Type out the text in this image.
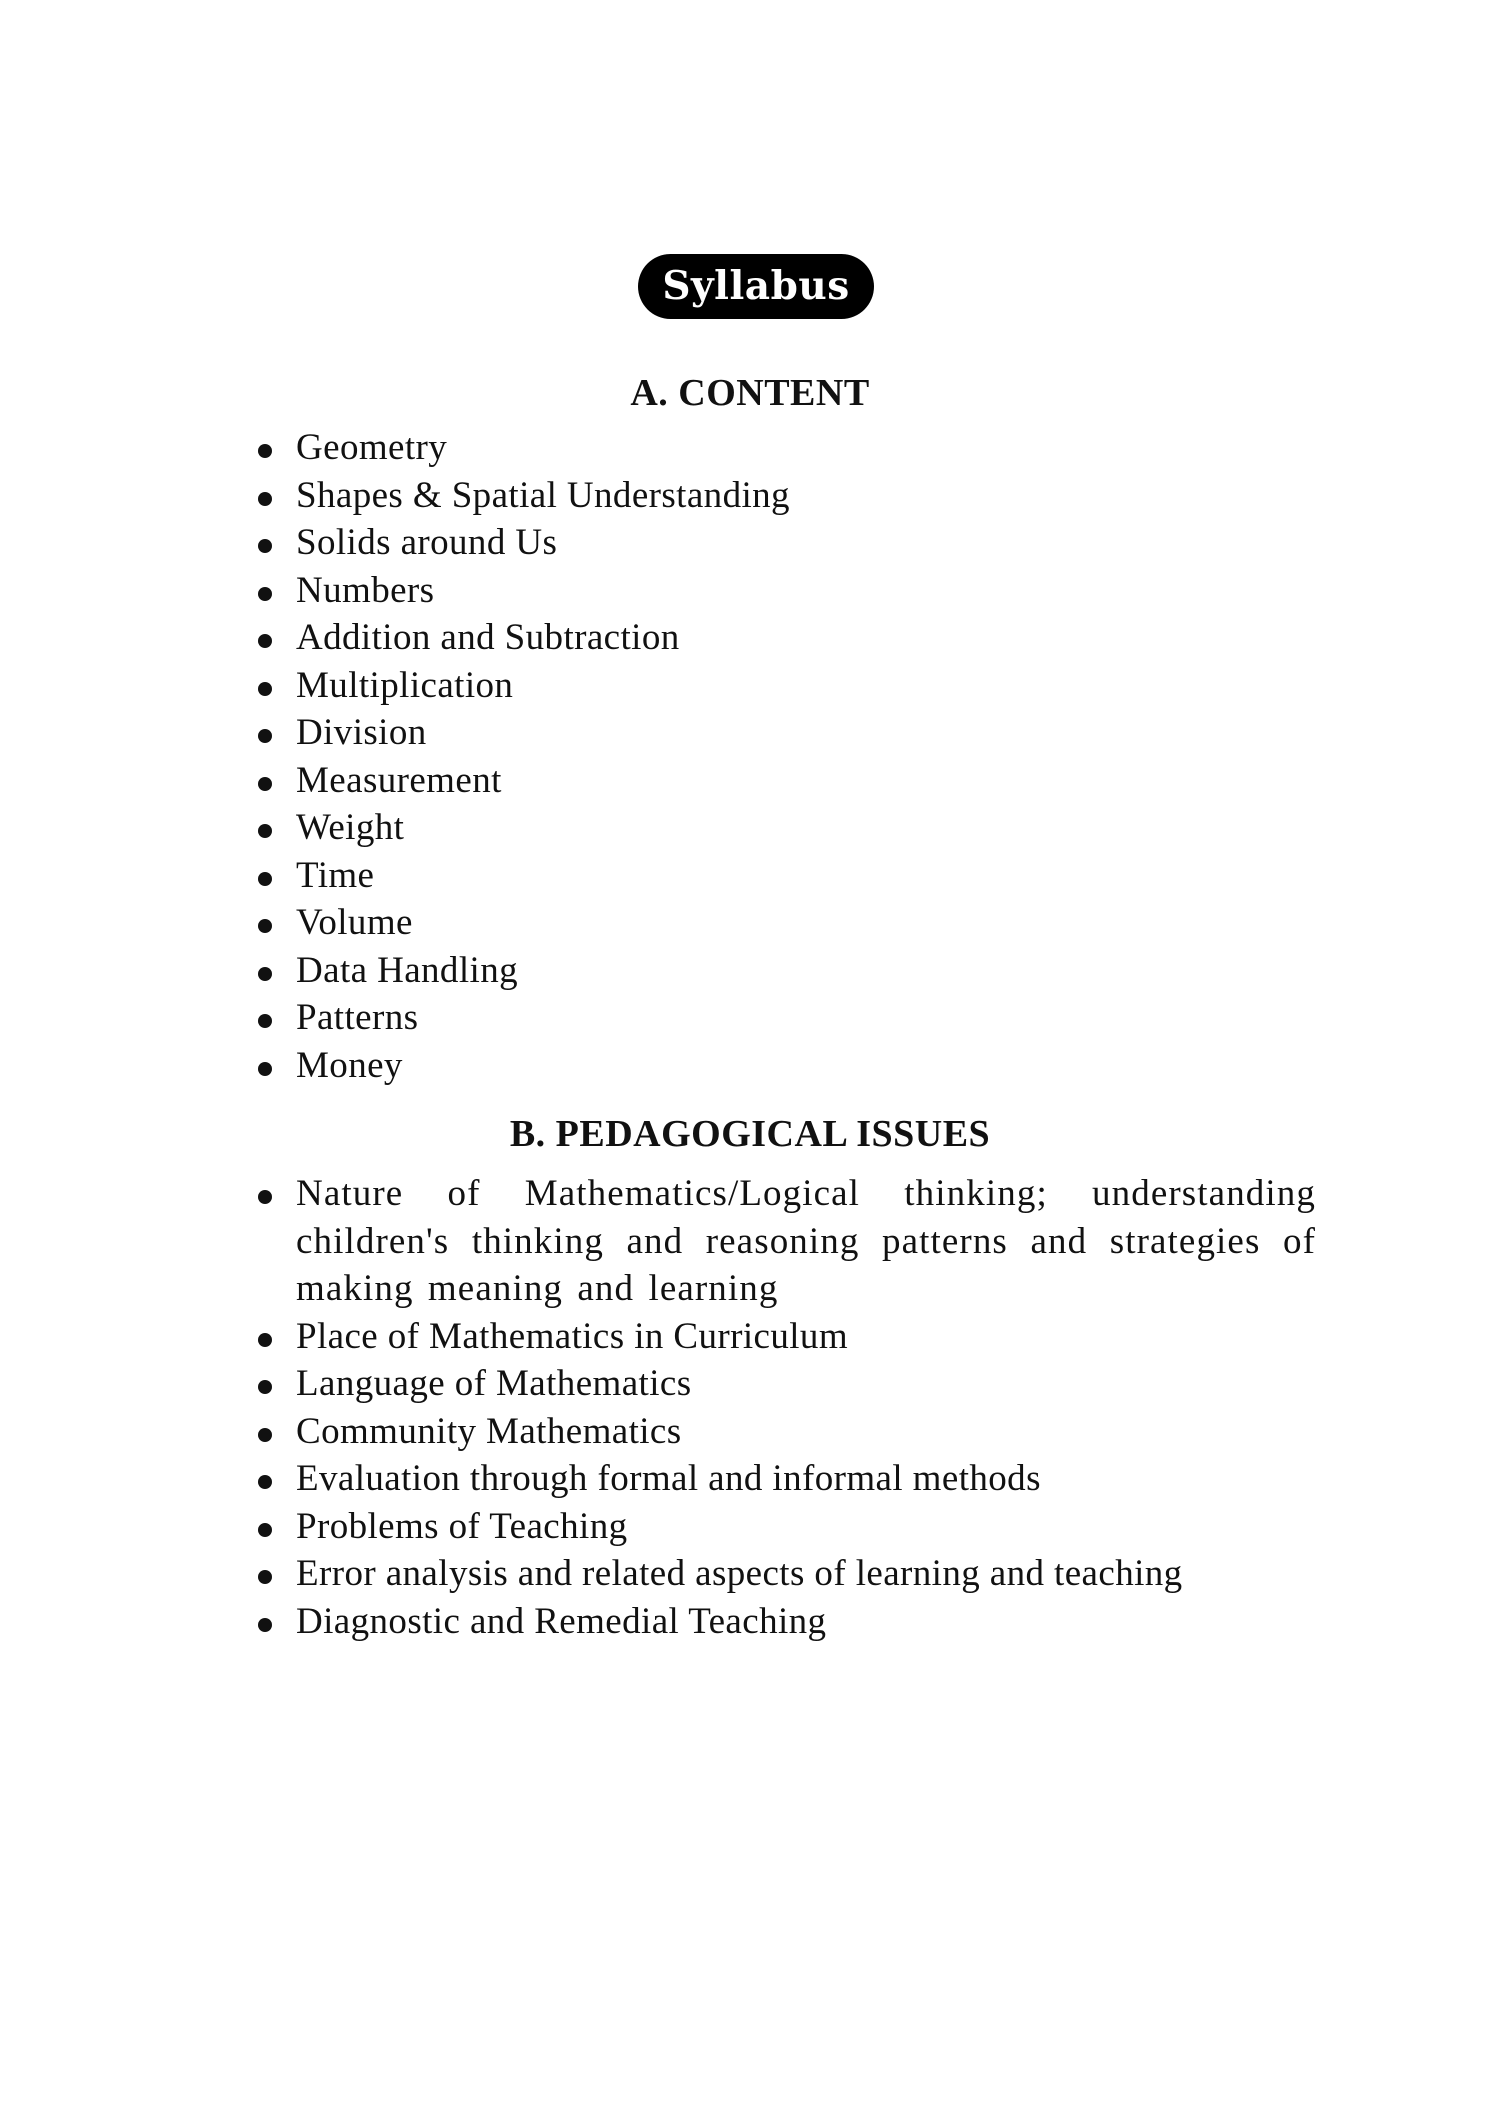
Syllabus
A. CONTENT
Geometry
Shapes & Spatial Understanding
Solids around Us
Numbers
Addition and Subtraction
Multiplication
Division
Measurement
Weight
Time
Volume
Data Handling
Patterns
Money
B. PEDAGOGICAL ISSUES
Nature of Mathematics/Logical thinking; understanding children's thinking and reasoning patterns and strategies of making meaning and learning
Place of Mathematics in Curriculum
Language of Mathematics
Community Mathematics
Evaluation through formal and informal methods
Problems of Teaching
Error analysis and related aspects of learning and teaching
Diagnostic and Remedial Teaching
